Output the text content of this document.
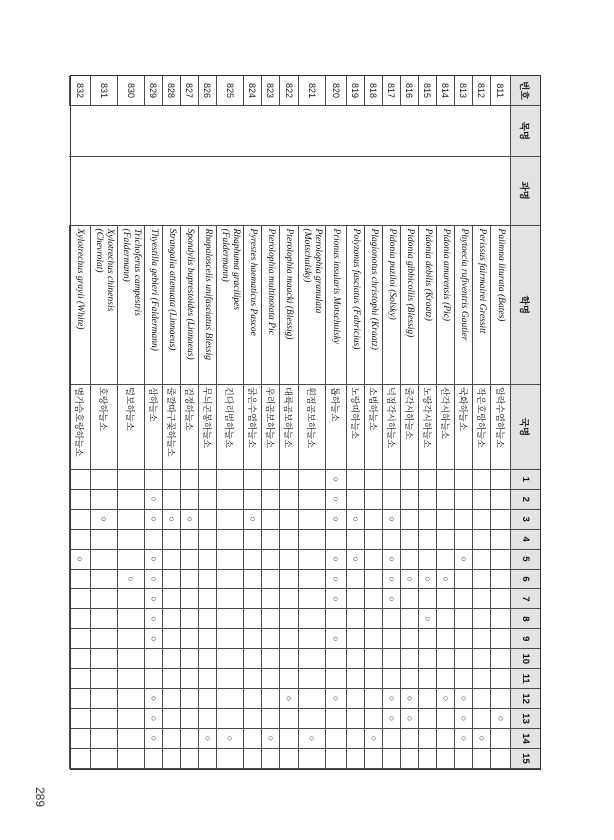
번호
목명
과명
학명
국명
1
2
3
4
5
6
7
8
9
10
11
12
13
14
15
811
Palimna liturata (Bates)
알락수염하늘소
○
812
Perissus fairmairei Gressitt
작은호랑하늘소
○
813
Phytoecia rufiventris Gautier
국화하늘소
○
○
○
○
814
Pidonia amurensis (Pic)
산각시하늘소
○
○
815
Pidonia debilis (Kraatz)
노랑각시하늘소
○
○
816
Pidonia gibbicollis (Blessig)
줄각시하늘소
○
○
○
817
Pidonia puziloi (Solsky)
넉점각시하늘소
○
○
○
○
○
○
818
Plagionotus christophi (Kraatz)
소범하늘소
○
819
Polyzonus fasciatus (Fabricius)
노랑띠하늘소
○
○
820
Prionus insularis Motschulsky
톱하늘소
○
○
○
○
○
○
○
○
821
Pterolophia granulata
(Motschulsky)
흰점곰보하늘소
○
822
Pterolophia maacki (Blessig)
대륙곰보하늘소
○
823
Pterolophia multinotata Pic
우리곰보하늘소
○
824
Pyrestes haematicus Pascoe
굵은수염하늘소
○
825
Rhaphuma gracilipes
(Faldermann)
긴다리범하늘소
○
826
Rhopaloscelis unifasciatus Blessig
무늬곤봉하늘소
○
827
Spondylis buprestoides (Linnaeus)
검정하늘소
○
828
Strangalia attenuata (Linnaeus)
줄깔따구꽃하늘소
○
829
Thyestilla gebleri (Faldermann)
삼하늘소
○
○
○
○
○
○
○
○
○
○
830
Trichoferus campestris
(Faldermann)
털보하늘소
○
831
Xylotrechus chinensis
(Chevrolat)
호랑하늘소
○
832
Xylotrechus grayii (White)
별가슴호랑하늘소
○
289
